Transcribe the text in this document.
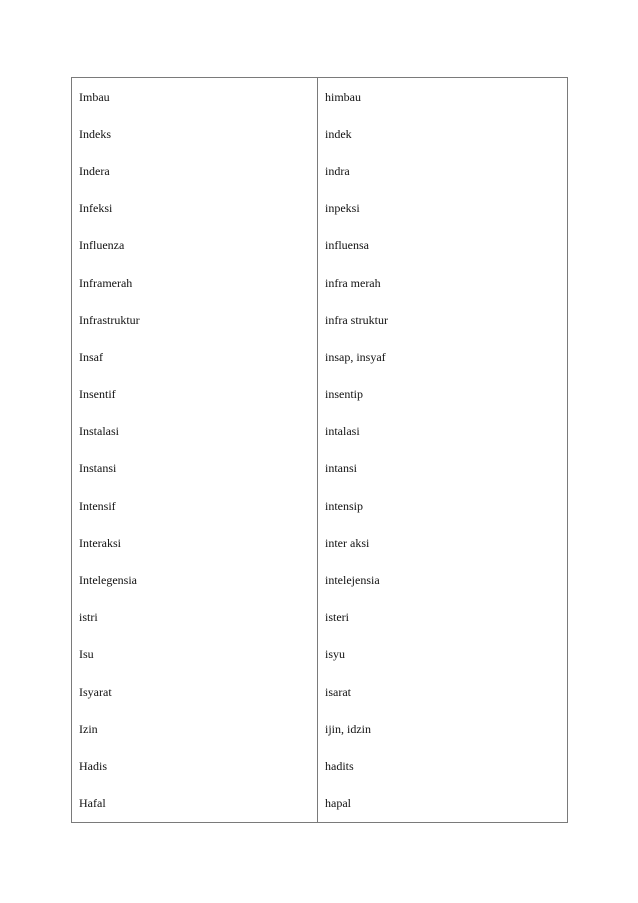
Imbau	himbau
Indeks	indek
Indera	indra
Infeksi	inpeksi
Influenza	influensa
Inframerah	infra merah
Infrastruktur	infra struktur
Insaf	insap, insyaf
Insentif	insentip
Instalasi	intalasi
Instansi	intansi
Intensif	intensip
Interaksi	inter aksi
Intelegensia	intelejensia
istri	isteri
Isu	isyu
Isyarat	isarat
Izin	ijin, idzin
Hadis	hadits
Hafal	hapal
